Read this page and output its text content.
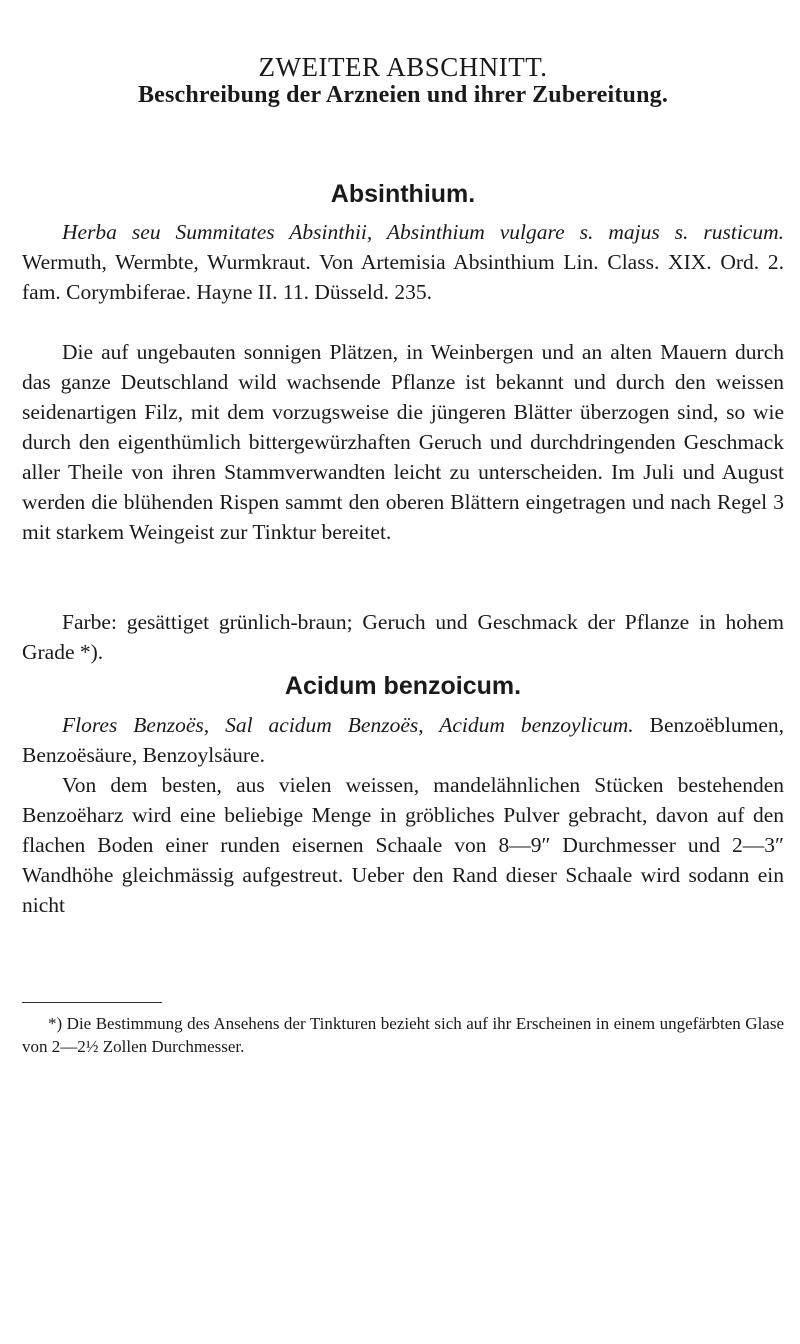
ZWEITER ABSCHNITT.
Beschreibung der Arzneien und ihrer Zubereitung.
Absinthium.

Herba seu Summitates Absinthii, Absinthium vulgare s. majus s. rusticum. Wermuth, Wermbte, Wurmkraut. Von Artemisia Absinthium Lin. Class. XIX. Ord. 2. fam. Corymbiferae. Hayne II. 11. Düsseld. 235.

Die auf ungebauten sonnigen Plätzen, in Weinbergen und an alten Mauern durch das ganze Deutschland wild wachsende Pflanze ist bekannt und durch den weissen seidenartigen Filz, mit dem vorzugsweise die jüngeren Blätter überzogen sind, so wie durch den eigenthümlich bittergewürzhaften Geruch und durchdringenden Geschmack aller Theile von ihren Stammverwandten leicht zu unterscheiden. Im Juli und August werden die blühenden Rispen sammt den oberen Blättern eingetragen und nach Regel 3 mit starkem Weingeist zur Tinktur bereitet.

Farbe: gesättiget grünlich-braun; Geruch und Geschmack der Pflanze in hohem Grade *).

Acidum benzoicum.

Flores Benzoës, Sal acidum Benzoës, Acidum benzoylicum. Benzoëblumen, Benzoësäure, Benzoylsäure.

Von dem besten, aus vielen weissen, mandelähnlichen Stücken bestehenden Benzoëharz wird eine beliebige Menge in gröbliches Pulver gebracht, davon auf den flachen Boden einer runden eisernen Schaale von 8—9″ Durchmesser und 2—3″ Wandhöhe gleichmässig aufgestreut. Ueber den Rand dieser Schaale wird sodann ein nicht

*) Die Bestimmung des Ansehens der Tinkturen bezieht sich auf ihr Erscheinen in einem ungefärbten Glase von 2—2½ Zollen Durchmesser.
